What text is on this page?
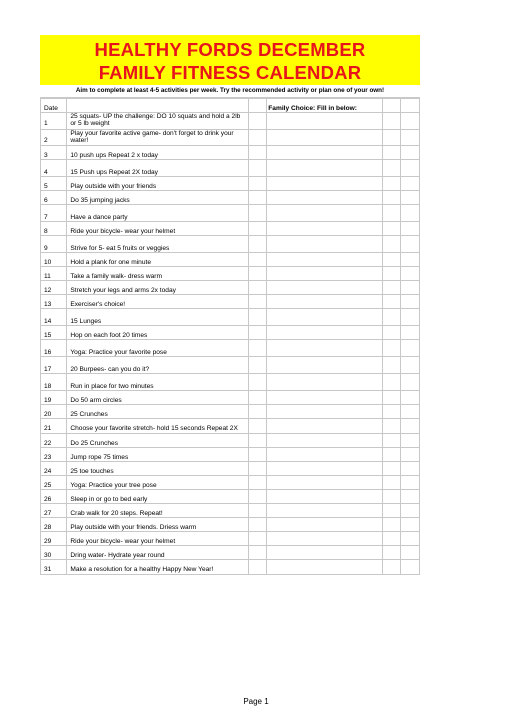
HEALTHY FORDS DECEMBER
FAMILY FITNESS CALENDAR
Aim to complete at least 4-5 activities per week. Try the recommended activity or plan one of your own!
Date			Family Choice: Fill in below:		
1	25 squats- UP the challenge: DO 10 squats and hold a 2lb or 5 lb weight				
2	Play your favorite active game- don't forget to drink your water!				
3	10 push ups Repeat 2 x today				
4	15 Push ups Repeat 2X today				
5	Play outside with your friends				
6	Do 35 jumping jacks				
7	Have a dance party				
8	Ride your bicycle- wear your helmet				
9	Strive for 5- eat 5 fruits or veggies				
10	Hold a plank for one minute				
11	Take a family walk- dress warm				
12	Stretch your legs and arms 2x today				
13	Exerciser's choice!				
14	15 Lunges				
15	Hop on each foot 20 times				
16	Yoga: Practice your favorite pose				
17	20 Burpees- can you do it?				
18	Run in place for two minutes				
19	Do 50 arm circles				
20	25 Crunches				
21	Choose your favorite stretch- hold 15 seconds Repeat 2X				
22	Do 25 Crunches				
23	Jump rope 75 times				
24	25 toe touches				
25	Yoga: Practice your tree pose				
26	Sleep in or go to bed early				
27	Crab walk for 20 steps. Repeat!				
28	Play outside with your friends. Driess warm				
29	Ride your bicycle- wear your helmet				
30	Dring water- Hydrate year round				
31	Make a resolution for a healthy Happy New Year!				
Page 1
